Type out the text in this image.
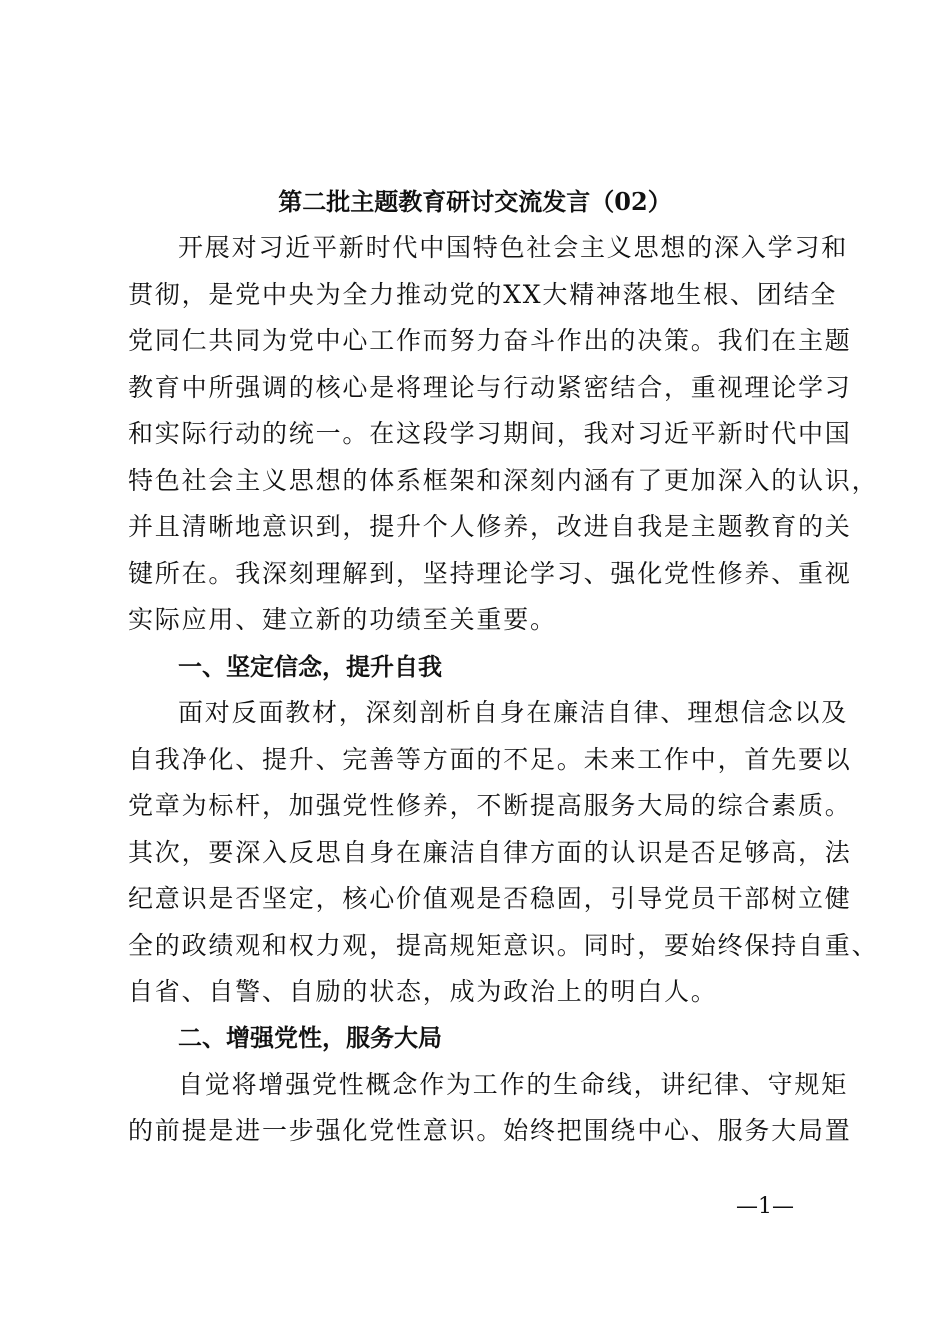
第二批主题教育研讨交流发言（02）

开展对习近平新时代中国特色社会主义思想的深入学习和

贯彻，是党中央为全力推动党的XX大精神落地生根、团结全

党同仁共同为党中心工作而努力奋斗作出的决策。我们在主题

教育中所强调的核心是将理论与行动紧密结合，重视理论学习

和实际行动的统一。在这段学习期间，我对习近平新时代中国

特色社会主义思想的体系框架和深刻内涵有了更加深入的认识，

并且清晰地意识到，提升个人修养，改进自我是主题教育的关

键所在。我深刻理解到，坚持理论学习、强化党性修养、重视

实际应用、建立新的功绩至关重要。

一、坚定信念，提升自我

面对反面教材，深刻剖析自身在廉洁自律、理想信念以及

自我净化、提升、完善等方面的不足。未来工作中，首先要以

党章为标杆，加强党性修养，不断提高服务大局的综合素质。

其次，要深入反思自身在廉洁自律方面的认识是否足够高，法

纪意识是否坚定，核心价值观是否稳固，引导党员干部树立健

全的政绩观和权力观，提高规矩意识。同时，要始终保持自重、

自省、自警、自励的状态，成为政治上的明白人。

二、增强党性，服务大局

自觉将增强党性概念作为工作的生命线，讲纪律、守规矩

的前提是进一步强化党性意识。始终把围绕中心、服务大局置

—1—
